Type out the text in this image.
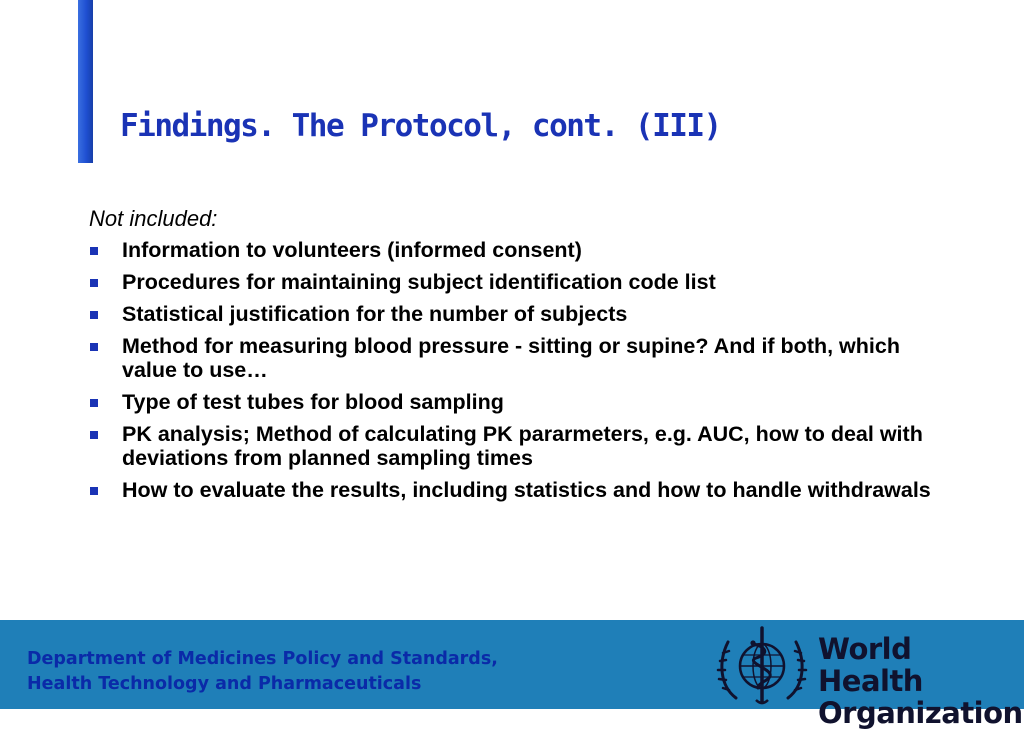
Findings. The Protocol, cont. (III)

Not included:

Information to volunteers (informed consent)
Procedures for maintaining subject identification code list
Statistical justification for the number of subjects
Method for measuring blood pressure - sitting or supine? And if both, which value to use…
Type of test tubes for blood sampling
PK analysis; Method of calculating PK pararmeters, e.g. AUC, how to deal with deviations from planned sampling times
How to evaluate the results, including statistics and how to handle withdrawals
Department of Medicines Policy and Standards,
Health Technology and Pharmaceuticals
World Health
Organization
